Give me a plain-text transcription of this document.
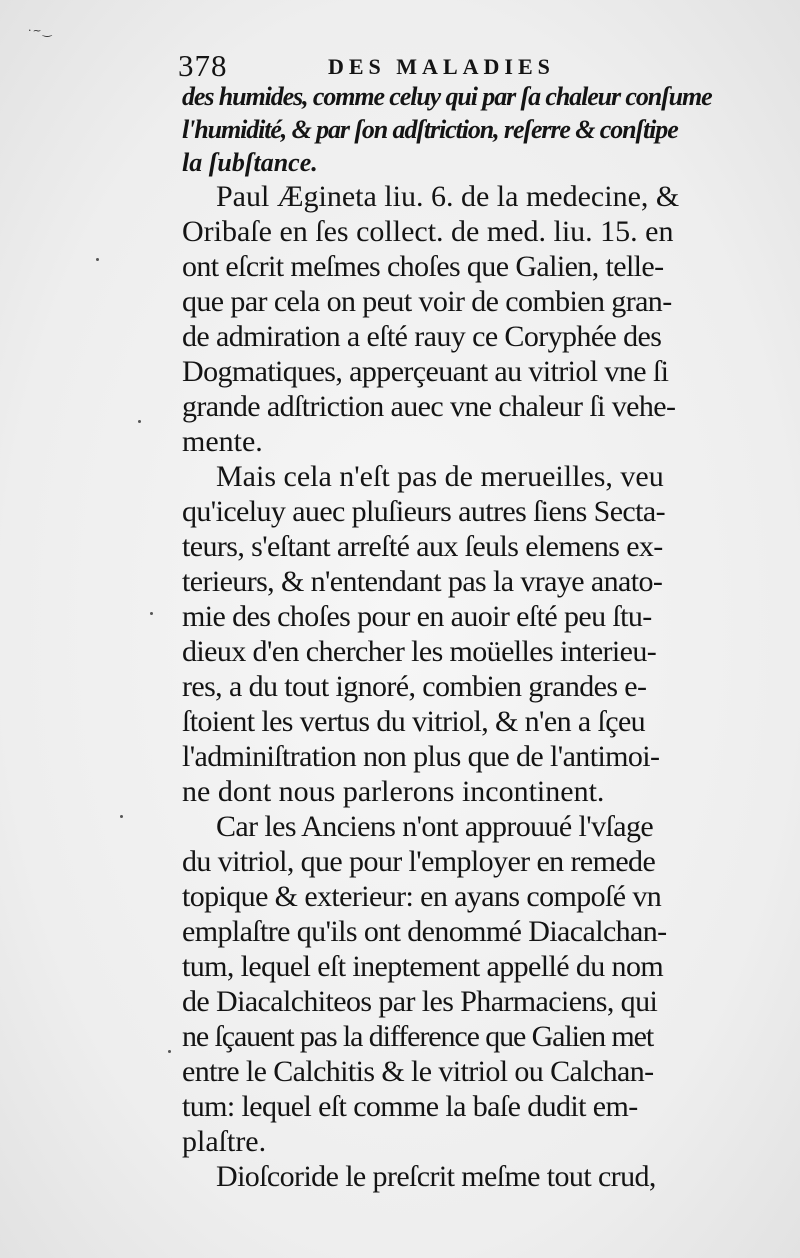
·~‿
378	DES MALADIES
des humides, comme celuy qui par ſa chaleur conſume
l'humidité, & par ſon adſtriction, reſerre & conſtipe
la ſubſtance.
Paul Ægineta liu. 6. de la medecine, &
Oribaſe en ſes collect. de med. liu. 15. en
ont eſcrit meſmes choſes que Galien, telle-
que par cela on peut voir de combien gran-
de admiration a eſté rauy ce Coryphée des
Dogmatiques, apperçeuant au vitriol vne ſi
grande adſtriction auec vne chaleur ſi vehe-
mente.
Mais cela n'eſt pas de merueilles, veu
qu'iceluy auec pluſieurs autres ſiens Secta-
teurs, s'eſtant arreſté aux ſeuls elemens ex-
terieurs, & n'entendant pas la vraye anato-
mie des choſes pour en auoir eſté peu ſtu-
dieux d'en chercher les moüelles interieu-
res, a du tout ignoré, combien grandes e-
ſtoient les vertus du vitriol, & n'en a ſçeu
l'adminiſtration non plus que de l'antimoi-
ne dont nous parlerons incontinent.
Car les Anciens n'ont approuué l'vſage
du vitriol, que pour l'employer en remede
topique & exterieur: en ayans compoſé vn
emplaſtre qu'ils ont denommé Diacalchan-
tum, lequel eſt ineptement appellé du nom
de Diacalchiteos par les Pharmaciens, qui
ne ſçauent pas la difference que Galien met
entre le Calchitis & le vitriol ou Calchan-
tum: lequel eſt comme la baſe dudit em-
plaſtre.
Dioſcoride le preſcrit meſme tout crud,
